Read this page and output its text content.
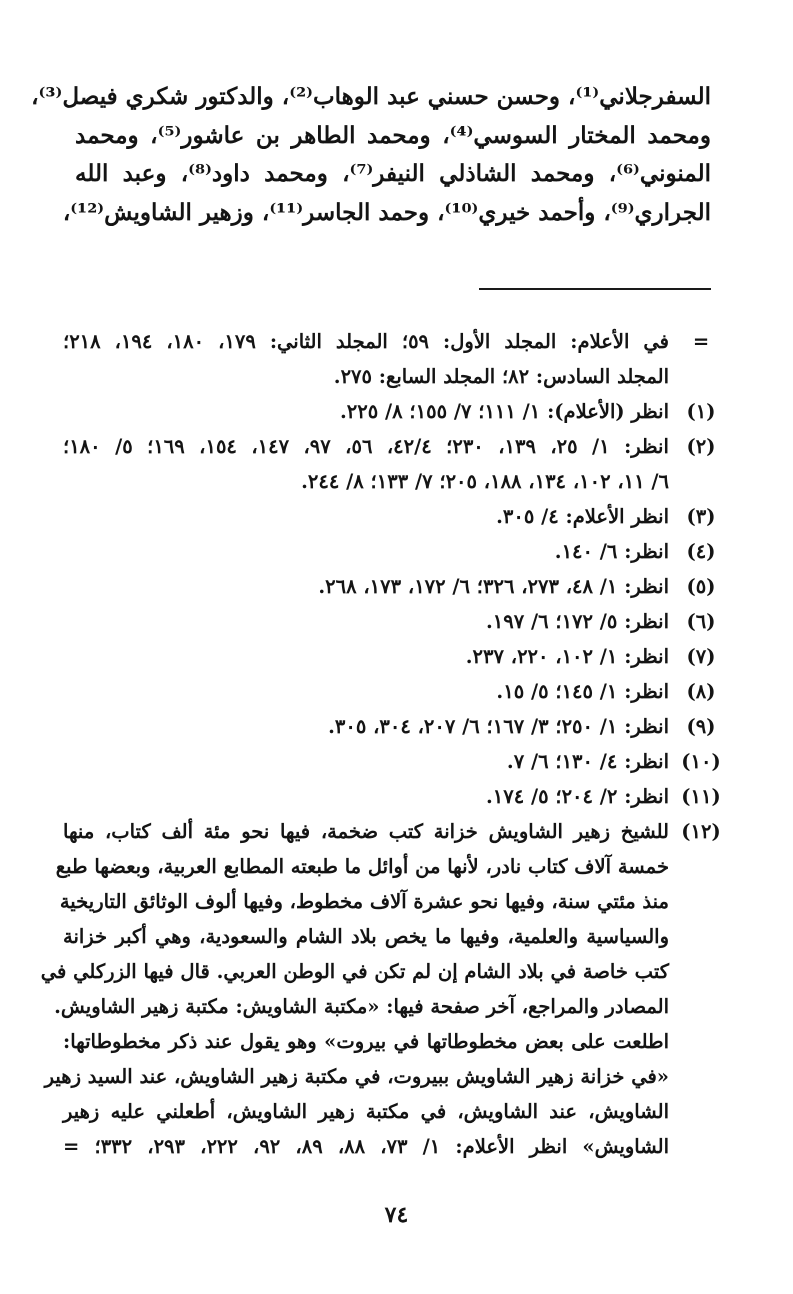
السفرجلاني⁽¹⁾، وحسن حسني عبد الوهاب⁽²⁾، والدكتور شكري فيصل⁽³⁾،
ومحمد المختار السوسي⁽⁴⁾، ومحمد الطاهر بن عاشور⁽⁵⁾، ومحمد
المنوني⁽⁶⁾، ومحمد الشاذلي النيفر⁽⁷⁾، ومحمد داود⁽⁸⁾، وعبد الله
الجراري⁽⁹⁾، وأحمد خيري⁽¹⁰⁾، وحمد الجاسر⁽¹¹⁾، وزهير الشاويش⁽¹²⁾،
=
في الأعلام: المجلد الأول: ٥٩؛ المجلد الثاني: ١٧٩، ١٨٠، ١٩٤، ٢١٨؛
المجلد السادس: ٨٢؛ المجلد السابع: ٢٧٥.
(١)
انظر (الأعلام): ١/ ١١١؛ ٧/ ١٥٥؛ ٨/ ٢٢٥.
(٢)
انظر: ١/ ٢٥، ١٣٩، ٢٣٠؛ ٤٢/٤، ٥٦، ٩٧، ١٤٧، ١٥٤، ١٦٩؛ ٥/ ١٨٠؛
٦/ ١١، ١٠٢، ١٣٤، ١٨٨، ٢٠٥؛ ٧/ ١٣٣؛ ٨/ ٢٤٤.
(٣)
انظر الأعلام: ٤/ ٣٠٥.
(٤)
انظر: ٦/ ١٤٠.
(٥)
انظر: ١/ ٤٨، ٢٧٣، ٣٢٦؛ ٦/ ١٧٢، ١٧٣، ٢٦٨.
(٦)
انظر: ٥/ ١٧٢؛ ٦/ ١٩٧.
(٧)
انظر: ١/ ١٠٢، ٢٢٠، ٢٣٧.
(٨)
انظر: ١/ ١٤٥؛ ٥/ ١٥.
(٩)
انظر: ١/ ٢٥٠؛ ٣/ ١٦٧؛ ٦/ ٢٠٧، ٣٠٤، ٣٠٥.
(١٠)
انظر: ٤/ ١٣٠؛ ٦/ ٧.
(١١)
انظر: ٢/ ٢٠٤؛ ٥/ ١٧٤.
(١٢)
للشيخ زهير الشاويش خزانة كتب ضخمة، فيها نحو مئة ألف كتاب، منها
خمسة آلاف كتاب نادر، لأنها من أوائل ما طبعته المطابع العربية، وبعضها طبع
منذ مئتي سنة، وفيها نحو عشرة آلاف مخطوط، وفيها ألوف الوثائق التاريخية
والسياسية والعلمية، وفيها ما يخص بلاد الشام والسعودية، وهي أكبر خزانة
كتب خاصة في بلاد الشام إن لم تكن في الوطن العربي. قال فيها الزركلي في
المصادر والمراجع، آخر صفحة فيها: «مكتبة الشاويش: مكتبة زهير الشاويش.
اطلعت على بعض مخطوطاتها في بيروت» وهو يقول عند ذكر مخطوطاتها:
«في خزانة زهير الشاويش ببيروت، في مكتبة زهير الشاويش، عند السيد زهير
الشاويش، عند الشاويش، في مكتبة زهير الشاويش، أطعلني عليه زهير
الشاويش» انظر الأعلام: ١/ ٧٣، ٨٨، ٨٩، ٩٢، ٢٢٢، ٢٩٣، ٣٣٢؛ =
٧٤
